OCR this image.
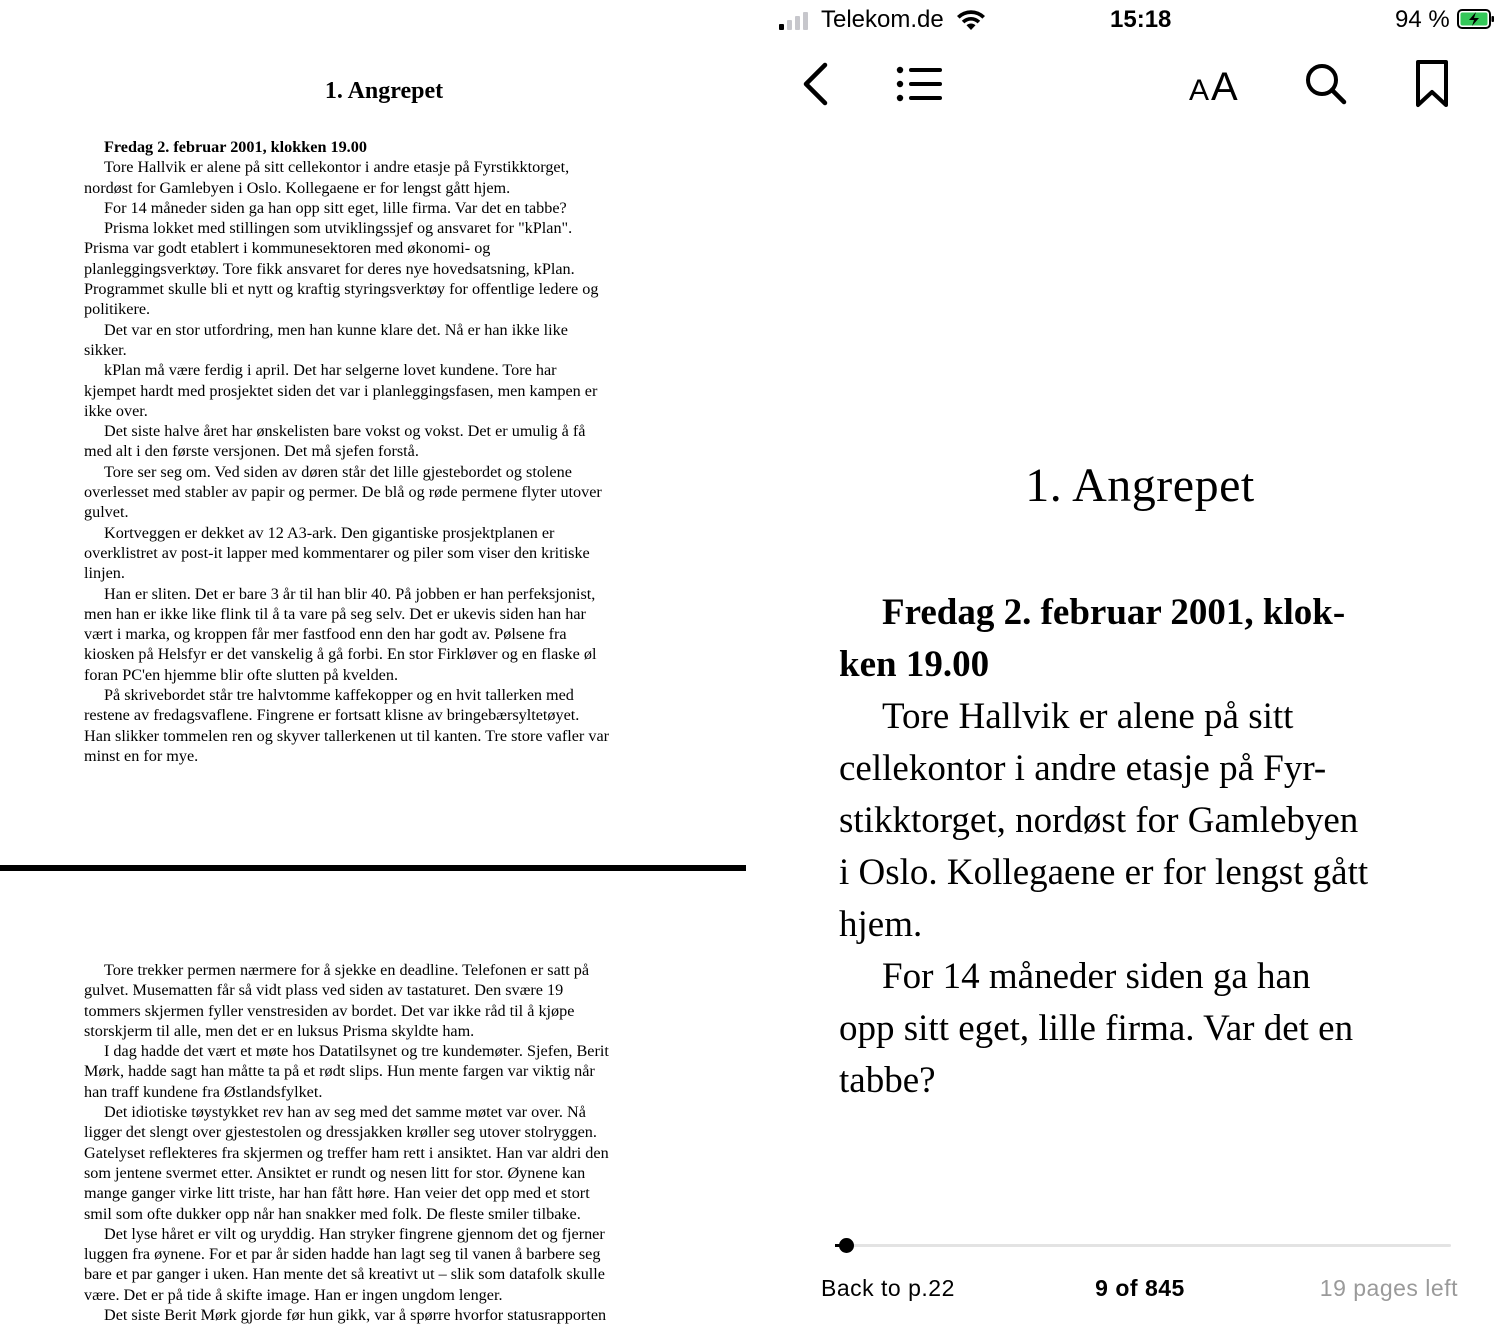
1. Angrepet
Fredag 2. februar 2001, klokken 19.00
Tore Hallvik er alene på sitt cellekontor i andre etasje på Fyrstikktorget,
nordøst for Gamlebyen i Oslo. Kollegaene er for lengst gått hjem.
For 14 måneder siden ga han opp sitt eget, lille firma. Var det en tabbe?
Prisma lokket med stillingen som utviklingssjef og ansvaret for "kPlan".
Prisma var godt etablert i kommunesektoren med økonomi- og
planleggingsverktøy. Tore fikk ansvaret for deres nye hovedsatsning, kPlan.
Programmet skulle bli et nytt og kraftig styringsverktøy for offentlige ledere og
politikere.
Det var en stor utfordring, men han kunne klare det. Nå er han ikke like
sikker.
kPlan må være ferdig i april. Det har selgerne lovet kundene. Tore har
kjempet hardt med prosjektet siden det var i planleggingsfasen, men kampen er
ikke over.
Det siste halve året har ønskelisten bare vokst og vokst. Det er umulig å få
med alt i den første versjonen. Det må sjefen forstå.
Tore ser seg om. Ved siden av døren står det lille gjestebordet og stolene
overlesset med stabler av papir og permer. De blå og røde permene flyter utover
gulvet.
Kortveggen er dekket av 12 A3-ark. Den gigantiske prosjektplanen er
overklistret av post-it lapper med kommentarer og piler som viser den kritiske
linjen.
Han er sliten. Det er bare 3 år til han blir 40. På jobben er han perfeksjonist,
men han er ikke like flink til å ta vare på seg selv. Det er ukevis siden han har
vært i marka, og kroppen får mer fastfood enn den har godt av. Pølsene fra
kiosken på Helsfyr er det vanskelig å gå forbi. En stor Firkløver og en flaske øl
foran PC'en hjemme blir ofte slutten på kvelden.
På skrivebordet står tre halvtomme kaffekopper og en hvit tallerken med
restene av fredagsvaflene. Fingrene er fortsatt klisne av bringebærsyltetøyet.
Han slikker tommelen ren og skyver tallerkenen ut til kanten. Tre store vafler var
minst en for mye.
Tore trekker permen nærmere for å sjekke en deadline. Telefonen er satt på
gulvet. Musematten får så vidt plass ved siden av tastaturet. Den svære 19
tommers skjermen fyller venstresiden av bordet. Det var ikke råd til å kjøpe
storskjerm til alle, men det er en luksus Prisma skyldte ham.
I dag hadde det vært et møte hos Datatilsynet og tre kundemøter. Sjefen, Berit
Mørk, hadde sagt han måtte ta på et rødt slips. Hun mente fargen var viktig når
han traff kundene fra Østlandsfylket.
Det idiotiske tøystykket rev han av seg med det samme møtet var over. Nå
ligger det slengt over gjestestolen og dressjakken krøller seg utover stolryggen.
Gatelyset reflekteres fra skjermen og treffer ham rett i ansiktet. Han var aldri den
som jentene svermet etter. Ansiktet er rundt og nesen litt for stor. Øynene kan
mange ganger virke litt triste, har han fått høre. Han veier det opp med et stort
smil som ofte dukker opp når han snakker med folk. De fleste smiler tilbake.
Det lyse håret er vilt og uryddig. Han stryker fingrene gjennom det og fjerner
luggen fra øynene. For et par år siden hadde han lagt seg til vanen å barbere seg
bare et par ganger i uken. Han mente det så kreativt ut – slik som datafolk skulle
være. Det er på tide å skifte image. Han er ingen ungdom lenger.
Det siste Berit Mørk gjorde før hun gikk, var å spørre hvorfor statusrapporten
Telekom.de	15:18	94 %
A A
1. Angrepet
Fredag 2. februar 2001, klok-
ken 19.00
Tore Hallvik er alene på sitt
cellekontor i andre etasje på Fyr-
stikktorget, nordøst for Gamlebyen
i Oslo. Kollegaene er for lengst gått
hjem.
For 14 måneder siden ga han
opp sitt eget, lille firma. Var det en
tabbe?
Back to p.22	9 of 845	19 pages left
